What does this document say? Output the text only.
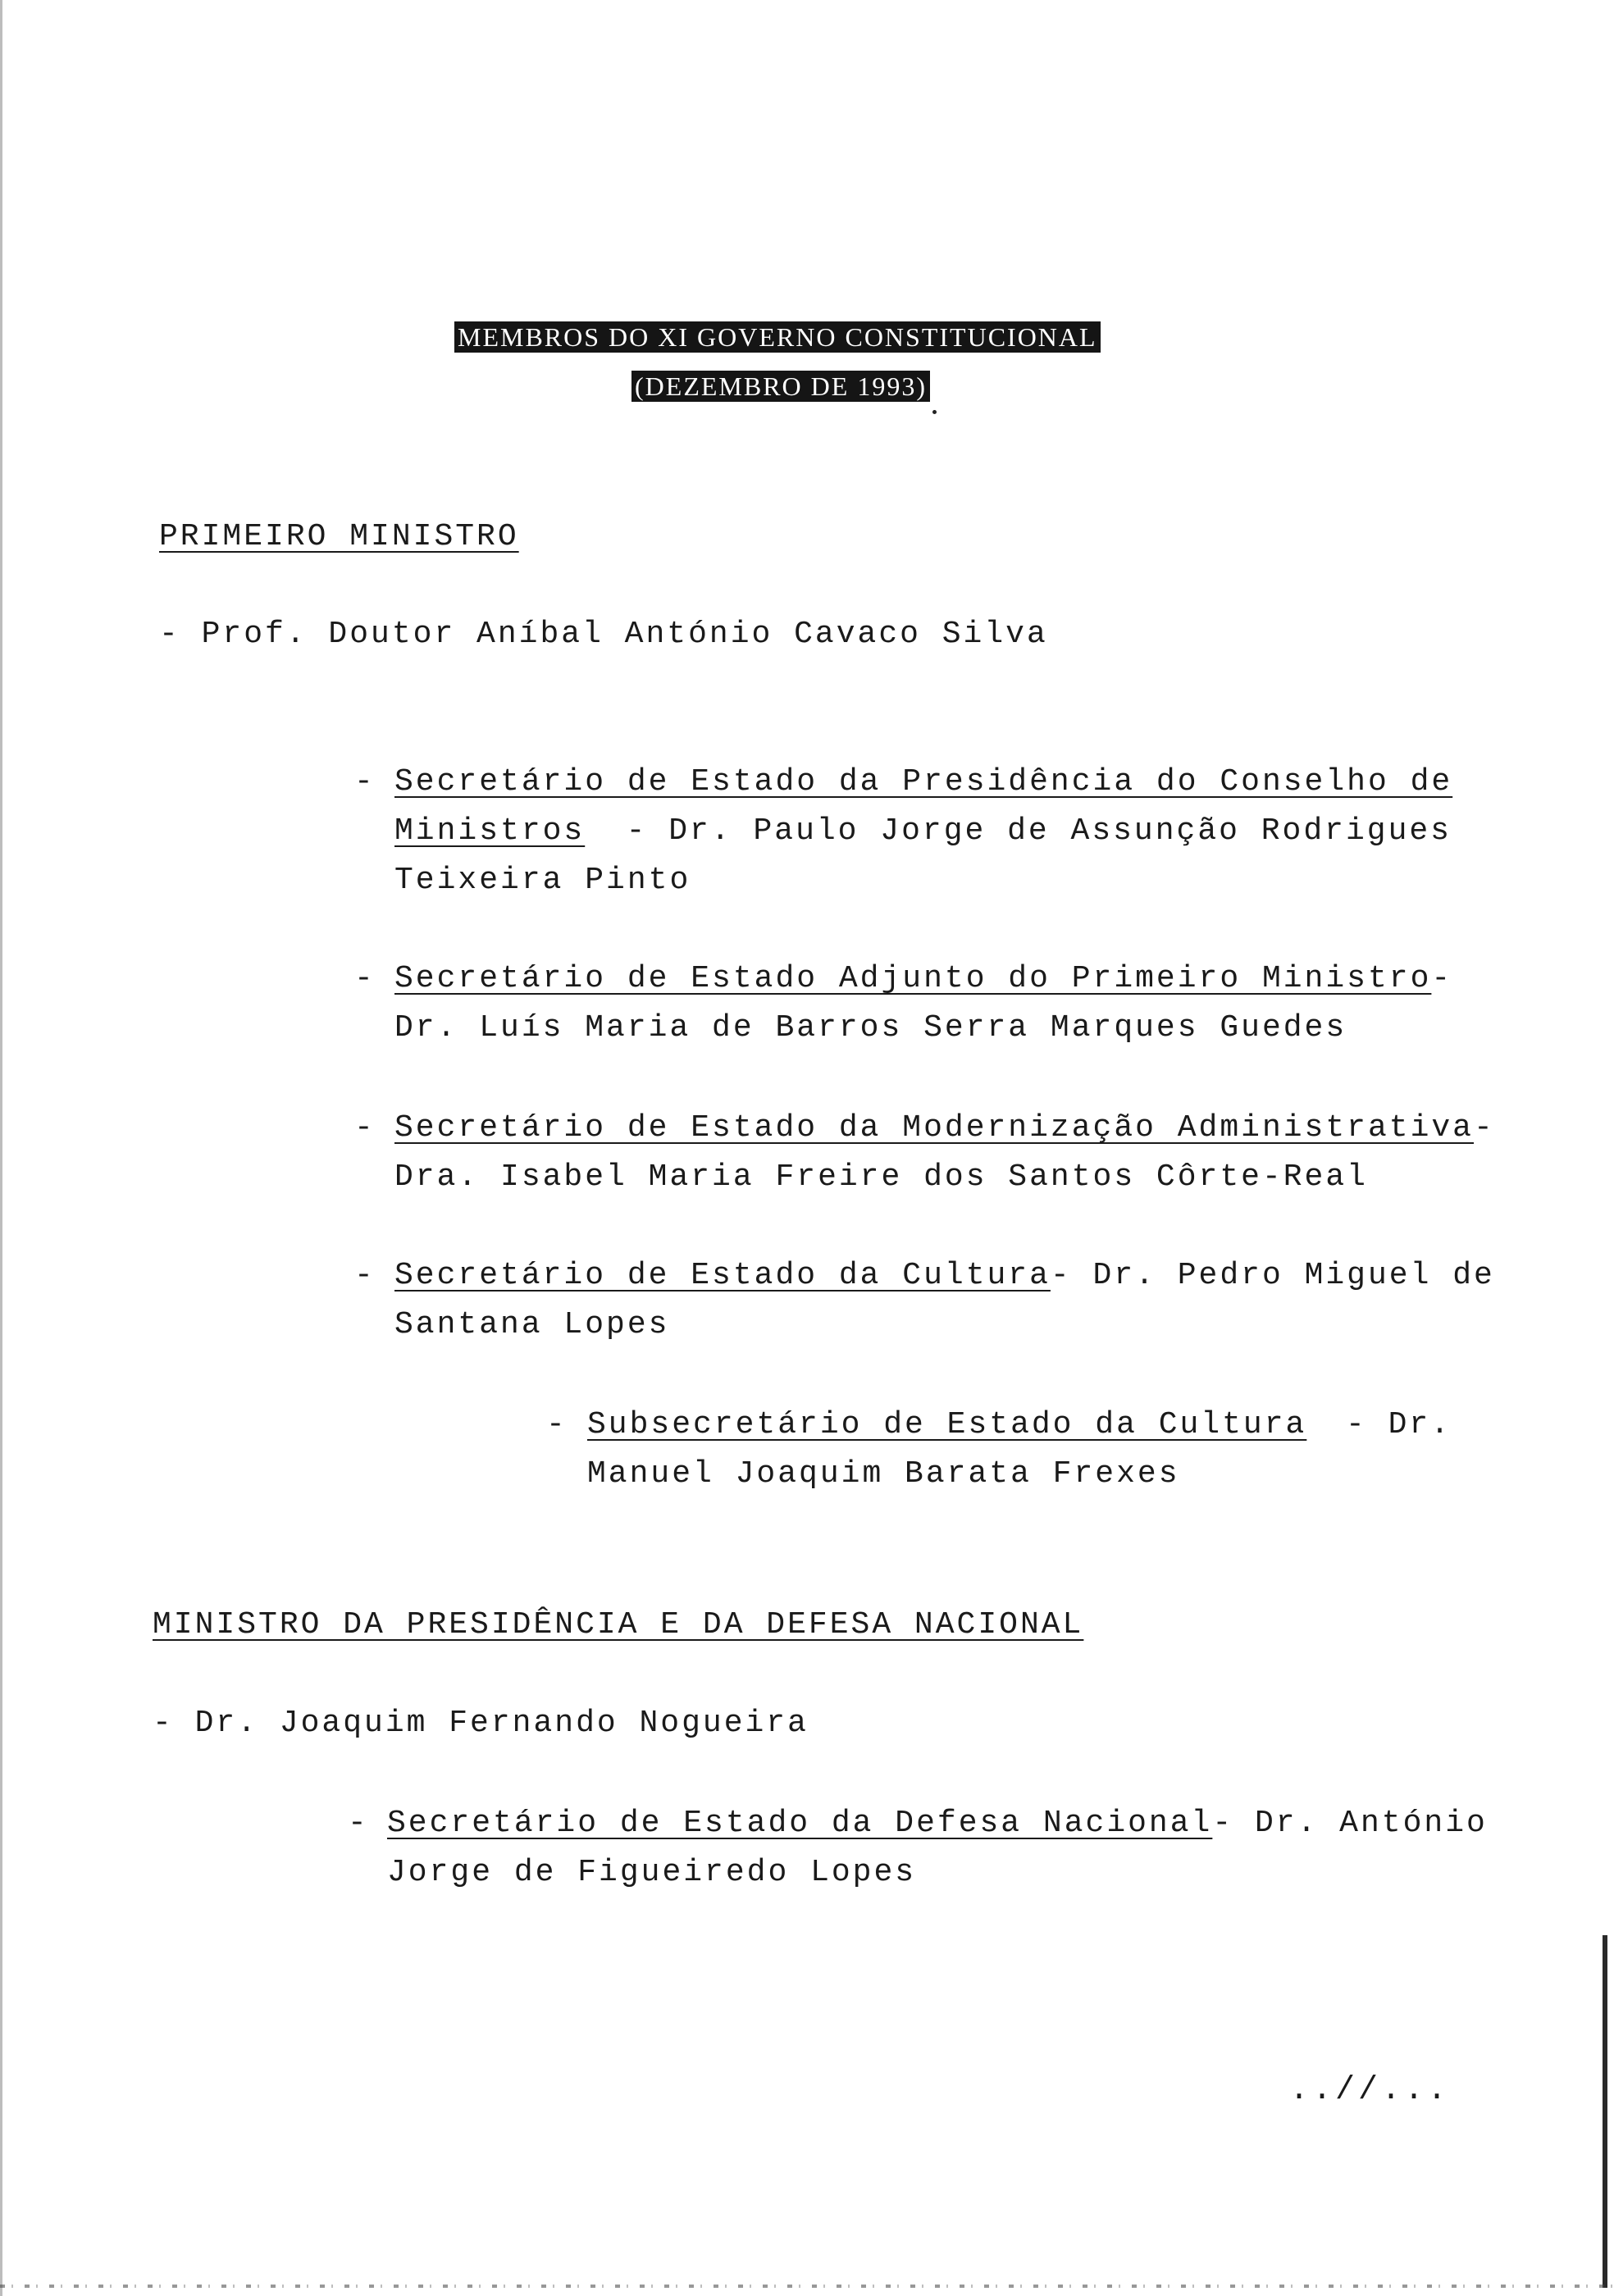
MEMBROS DO XI GOVERNO CONSTITUCIONAL
(DEZEMBRO DE 1993)
PRIMEIRO MINISTRO
- Prof. Doutor Aníbal António Cavaco Silva
- Secretário de Estado da Presidência do Conselho de
Ministros - Dr. Paulo Jorge de Assunção Rodrigues
Teixeira Pinto
- Secretário de Estado Adjunto do Primeiro Ministro -
Dr. Luís Maria de Barros Serra Marques Guedes
- Secretário de Estado da Modernização Administrativa -
Dra. Isabel Maria Freire dos Santos Côrte-Real
- Secretário de Estado da Cultura - Dr. Pedro Miguel de
Santana Lopes
- Subsecretário de Estado da Cultura - Dr.
Manuel Joaquim Barata Frexes
MINISTRO DA PRESIDÊNCIA E DA DEFESA NACIONAL
- Dr. Joaquim Fernando Nogueira
- Secretário de Estado da Defesa Nacional - Dr. António
Jorge de Figueiredo Lopes
..//...
